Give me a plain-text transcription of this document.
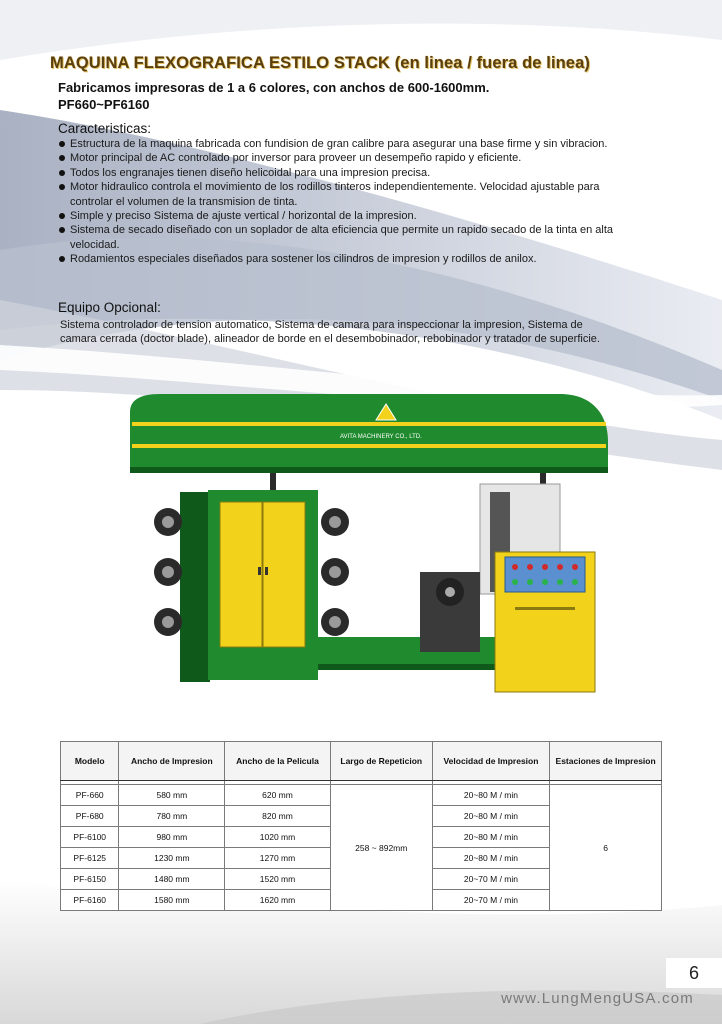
MAQUINA FLEXOGRAFICA ESTILO STACK (en linea / fuera de linea)
Fabricamos impresoras de 1 a 6 colores, con anchos de 600-1600mm.
PF660~PF6160
Caracteristicas:
Estructura de la maquina fabricada con fundision de gran calibre para asegurar una base firme y sin vibracion.
Motor principal de AC controlado por inversor para proveer un desempeño rapido y eficiente.
Todos los engranajes tienen diseño helicoidal para una impresion precisa.
Motor hidraulico controla el movimiento de los rodillos tinteros independientemente. Velocidad ajustable para controlar el volumen de la transmision de tinta.
Simple y preciso Sistema de ajuste vertical / horizontal de la impresion.
Sistema de secado diseñado con un soplador de alta eficiencia que permite un rapido secado de la tinta en alta velocidad.
Rodamientos especiales diseñados para sostener los cilindros de impresion y rodillos de anilox.
Equipo Opcional:

Sistema controlador de tension automatico, Sistema de camara para inspeccionar la impresion, Sistema de camara cerrada (doctor blade), alineador de borde en el desembobinador, rebobinador y tratador de superficie.

AVITA MACHINERY CO., LTD.
Modelo	Ancho de Impresion	Ancho de la Pelicula	Largo de Repeticion	Velocidad de Impresion	Estaciones de Impresion

PF-660	580 mm	620 mm	258 ~ 892mm	20~80 M / min	6
PF-680	780 mm	820 mm		20~80 M / min	
PF-6100	980 mm	1020 mm		20~80 M / min	
PF-6125	1230 mm	1270 mm		20~80 M / min	
PF-6150	1480 mm	1520 mm		20~70 M / min	
PF-6160	1580 mm	1620 mm		20~70 M / min	
6

www.LungMengUSA.com
